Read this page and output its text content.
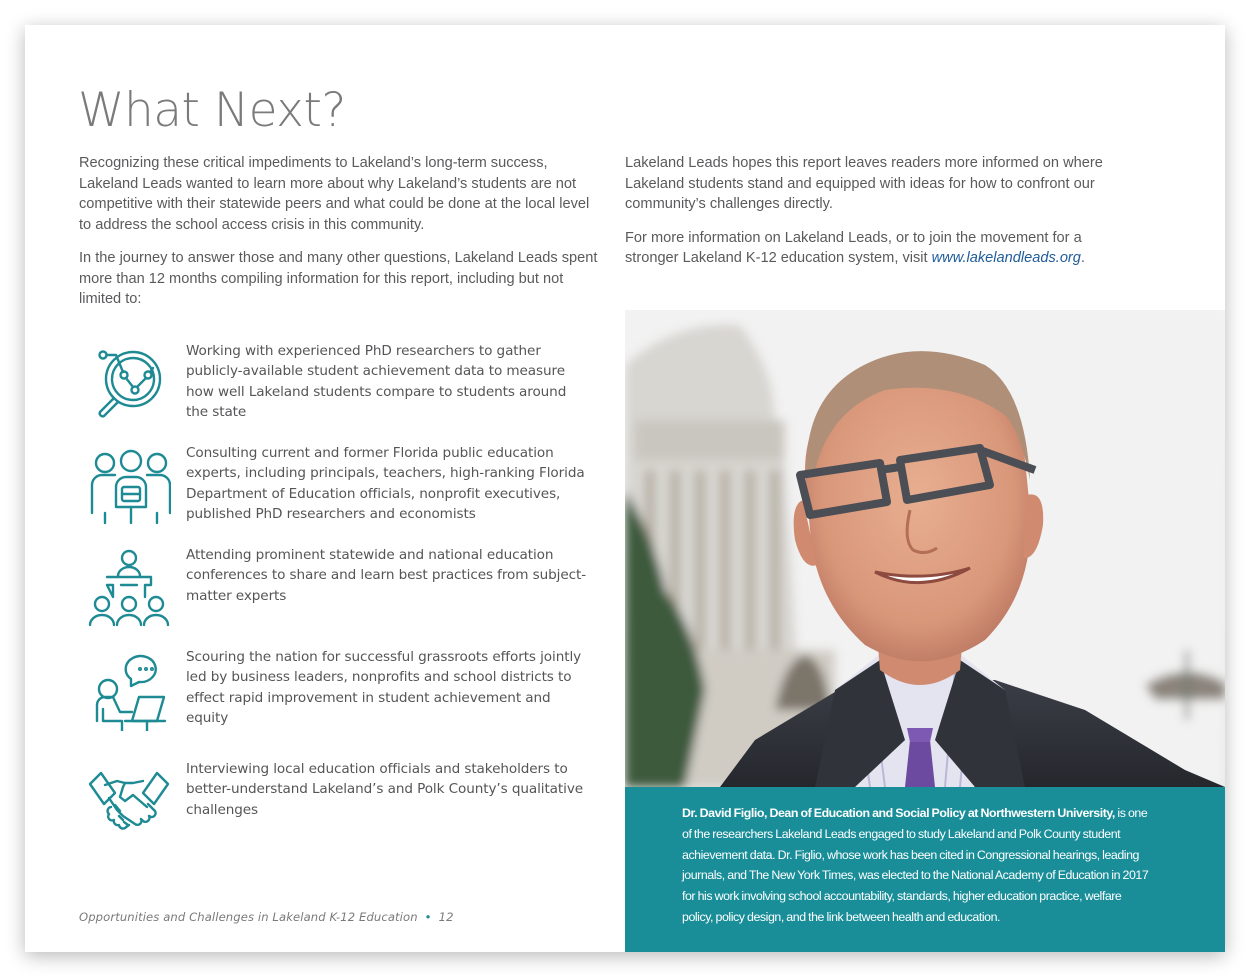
What Next?

Recognizing these critical impediments to Lakeland’s long-term success, Lakeland Leads wanted to learn more about why Lakeland’s students are not competitive with their statewide peers and what could be done at the local level to address the school access crisis in this community.

In the journey to answer those and many other questions, Lakeland Leads spent more than 12 months compiling information for this report, including but not limited to:

Lakeland Leads hopes this report leaves readers more informed on where Lakeland students stand and equipped with ideas for how to confront our community’s challenges directly.

For more information on Lakeland Leads, or to join the movement for a stronger Lakeland K-12 education system, visit www.lakelandleads.org.

Working with experienced PhD researchers to gather publicly-available student achievement data to measure how well Lakeland students compare to students around the state
Consulting current and former Florida public education experts, including principals, teachers, high-ranking Florida Department of Education officials, nonprofit executives, published PhD researchers and economists
Attending prominent statewide and national education conferences to share and learn best practices from subject-matter experts
Scouring the nation for successful grassroots efforts jointly led by business leaders, nonprofits and school districts to effect rapid improvement in student achievement and equity
Interviewing local education officials and stakeholders to better-understand Lakeland’s and Polk County’s qualitative challenges	Dr. David Figlio, Dean of Education and Social Policy at Northwestern University, is one of the researchers Lakeland Leads engaged to study Lakeland and Polk County student achievement data. Dr. Figlio, whose work has been cited in Congressional hearings, leading journals, and The New York Times, was elected to the National Academy of Education in 2017 for his work involving school accountability, standards, higher education practice, welfare policy, policy design, and the link between health and education.

Opportunities and Challenges in Lakeland K-12 Education • 12
